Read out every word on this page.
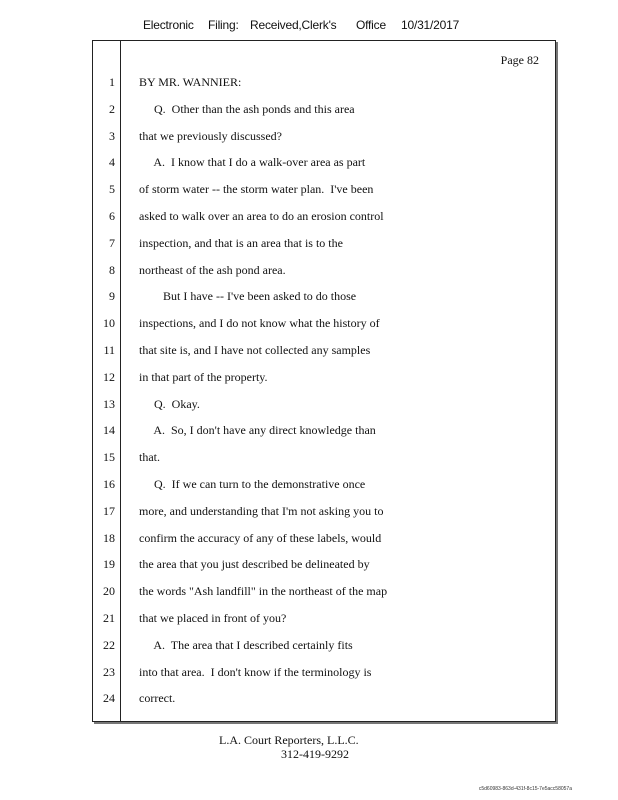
Electronic Filing: Received,Clerk's Office 10/31/2017
Page 82
1 BY MR. WANNIER:
2 Q.  Other than the ash ponds and this area
3 that we previously discussed?
4 A.  I know that I do a walk-over area as part
5 of storm water -- the storm water plan.  I've been
6 asked to walk over an area to do an erosion control
7 inspection, and that is an area that is to the
8 northeast of the ash pond area.
9 But I have -- I've been asked to do those
10 inspections, and I do not know what the history of
11 that site is, and I have not collected any samples
12 in that part of the property.
13 Q.  Okay.
14 A.  So, I don't have any direct knowledge than
15 that.
16 Q.  If we can turn to the demonstrative once
17 more, and understanding that I'm not asking you to
18 confirm the accuracy of any of these labels, would
19 the area that you just described be delineated by
20 the words "Ash landfill" in the northeast of the map
21 that we placed in front of you?
22 A.  The area that I described certainly fits
23 into that area.  I don't know if the terminology is
24 correct.
L.A. Court Reporters, L.L.C.
312-419-9292
c5d60983-863d-431f-8c15-7e5acc58057a
